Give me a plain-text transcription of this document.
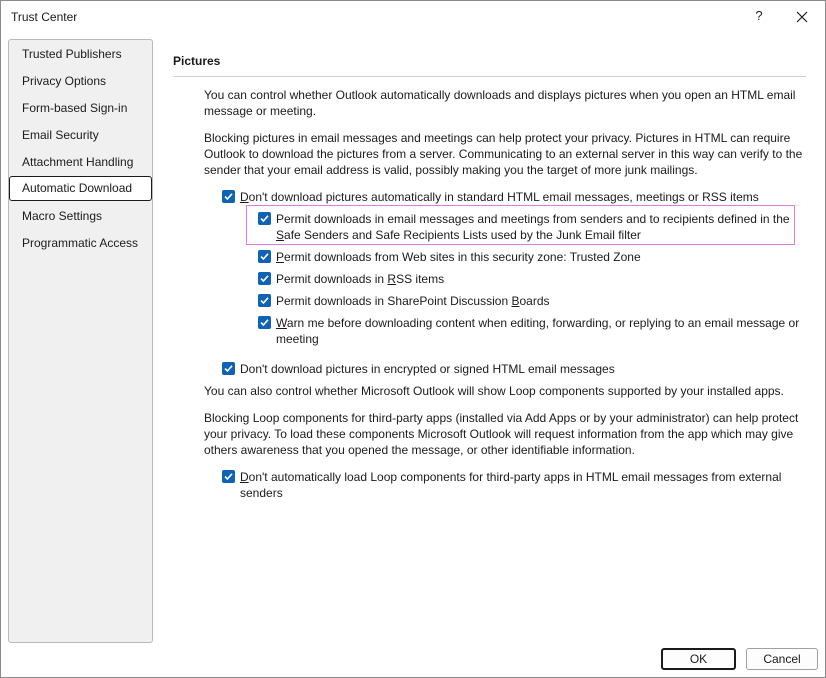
Trust Center	?
Trusted Publishers
Privacy Options
Form-based Sign-in
Email Security
Attachment Handling
Automatic Download
Macro Settings
Programmatic Access
Pictures
You can control whether Outlook automatically downloads and displays pictures when you open an HTML email message or meeting.
Blocking pictures in email messages and meetings can help protect your privacy. Pictures in HTML can require Outlook to download the pictures from a server. Communicating to an external server in this way can verify to the sender that your email address is valid, possibly making you the target of more junk mailings.
Don't download pictures automatically in standard HTML email messages, meetings or RSS items
Permit downloads in email messages and meetings from senders and to recipients defined in the
Safe Senders and Safe Recipients Lists used by the Junk Email filter
Permit downloads from Web sites in this security zone: Trusted Zone
Permit downloads in RSS items
Permit downloads in SharePoint Discussion Boards
Warn me before downloading content when editing, forwarding, or replying to an email message or meeting
Don't download pictures in encrypted or signed HTML email messages
You can also control whether Microsoft Outlook will show Loop components supported by your installed apps.
Blocking Loop components for third-party apps (installed via Add Apps or by your administrator) can help protect your privacy. To load these components Microsoft Outlook will request information from the app which may give others awareness that you opened the message, or other identifiable information.
Don't automatically load Loop components for third-party apps in HTML email messages from external senders
OK	Cancel
